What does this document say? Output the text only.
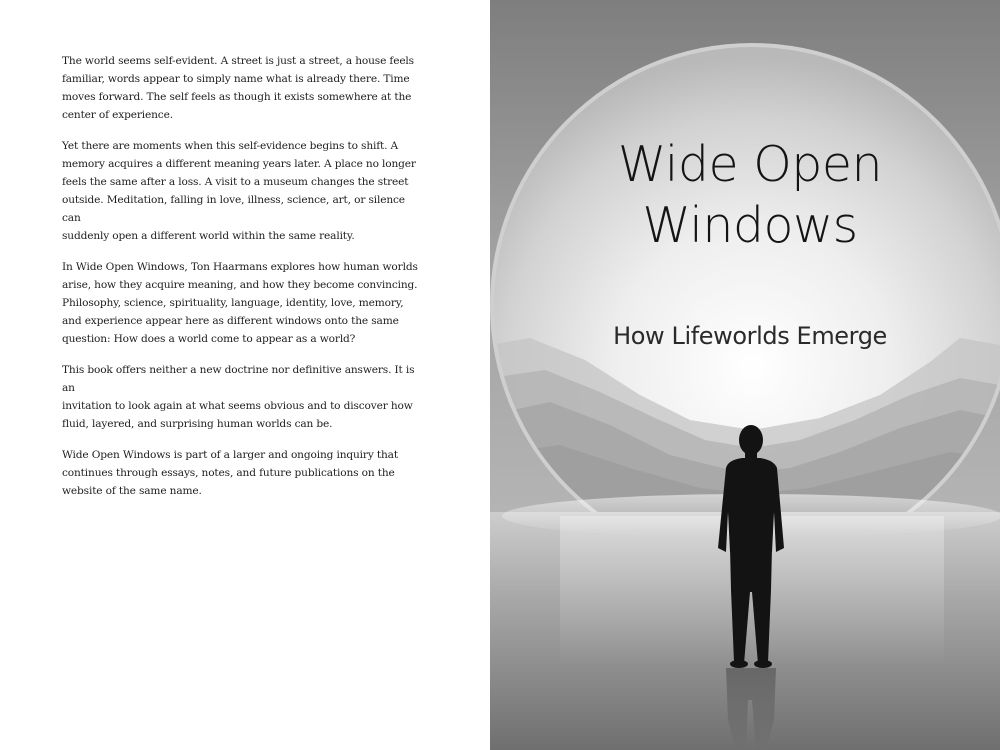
The world seems self-evident. A street is just a street, a house feels
familiar, words appear to simply name what is already there. Time
moves forward. The self feels as though it exists somewhere at the
center of experience.

Yet there are moments when this self-evidence begins to shift. A
memory acquires a different meaning years later. A place no longer
feels the same after a loss. A visit to a museum changes the street
outside. Meditation, falling in love, illness, science, art, or silence can
suddenly open a different world within the same reality.

In Wide Open Windows, Ton Haarmans explores how human worlds
arise, how they acquire meaning, and how they become convincing.
Philosophy, science, spirituality, language, identity, love, memory,
and experience appear here as different windows onto the same
question: How does a world come to appear as a world?

This book offers neither a new doctrine nor definitive answers. It is an
invitation to look again at what seems obvious and to discover how
fluid, layered, and surprising human worlds can be.

Wide Open Windows is part of a larger and ongoing inquiry that
continues through essays, notes, and future publications on the
website of the same name.

Wide Open
Windows
How Lifeworlds Emerge
